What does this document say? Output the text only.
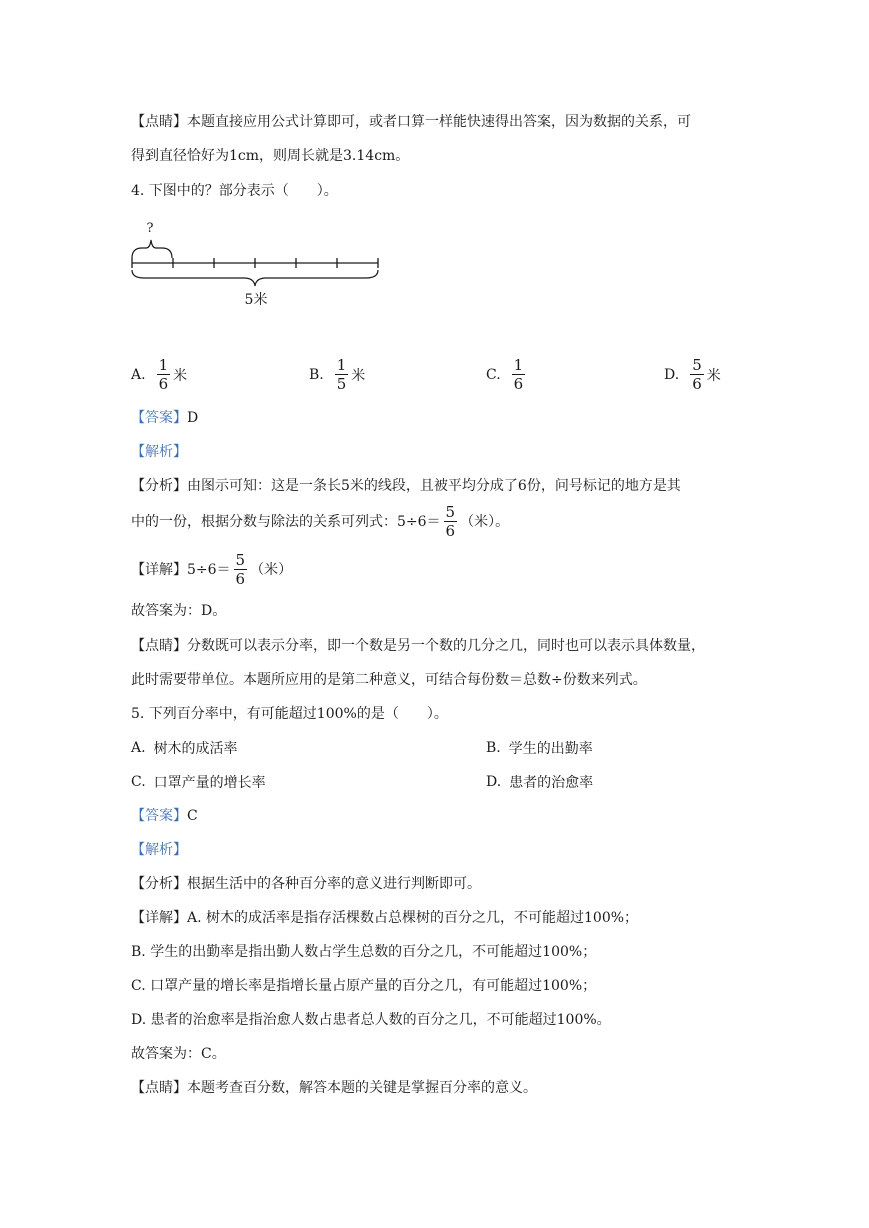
【点睛】本题直接应用公式计算即可，或者口算一样能快速得出答案，因为数据的关系，可
得到直径恰好为1cm，则周长就是3.14cm。
4. 下图中的？部分表示（　　）。
?
5米
A. $\frac{1}{6}$ 米	B. $\frac{1}{5}$ 米	C. $\frac{1}{6}$	D. $\frac{5}{6}$ 米
【答案】D
【解析】
【分析】由图示可知：这是一条长5米的线段，且被平均分成了6份，问号标记的地方是其
中的一份，根据分数与除法的关系可列式：$5\div 6= \frac{5}{6}$ （米）。
【详解】 $5\div 6= \frac{5}{6}$ （米）
故答案为：D。
【点睛】分数既可以表示分率，即一个数是另一个数的几分之几，同时也可以表示具体数量，
此时需要带单位。本题所应用的是第二种意义，可结合每份数＝总数÷份数来列式。
5. 下列百分率中，有可能超过100%的是（　　）。
A. 树木的成活率	B. 学生的出勤率
C. 口罩产量的增长率	D. 患者的治愈率
【答案】C
【解析】
【分析】根据生活中的各种百分率的意义进行判断即可。
【详解】A. 树木的成活率是指存活棵数占总棵树的百分之几，不可能超过100%；
B. 学生的出勤率是指出勤人数占学生总数的百分之几，不可能超过100%；
C. 口罩产量的增长率是指增长量占原产量的百分之几，有可能超过100%；
D. 患者的治愈率是指治愈人数占患者总人数的百分之几，不可能超过100%。
故答案为：C。
【点睛】本题考查百分数，解答本题的关键是掌握百分率的意义。
